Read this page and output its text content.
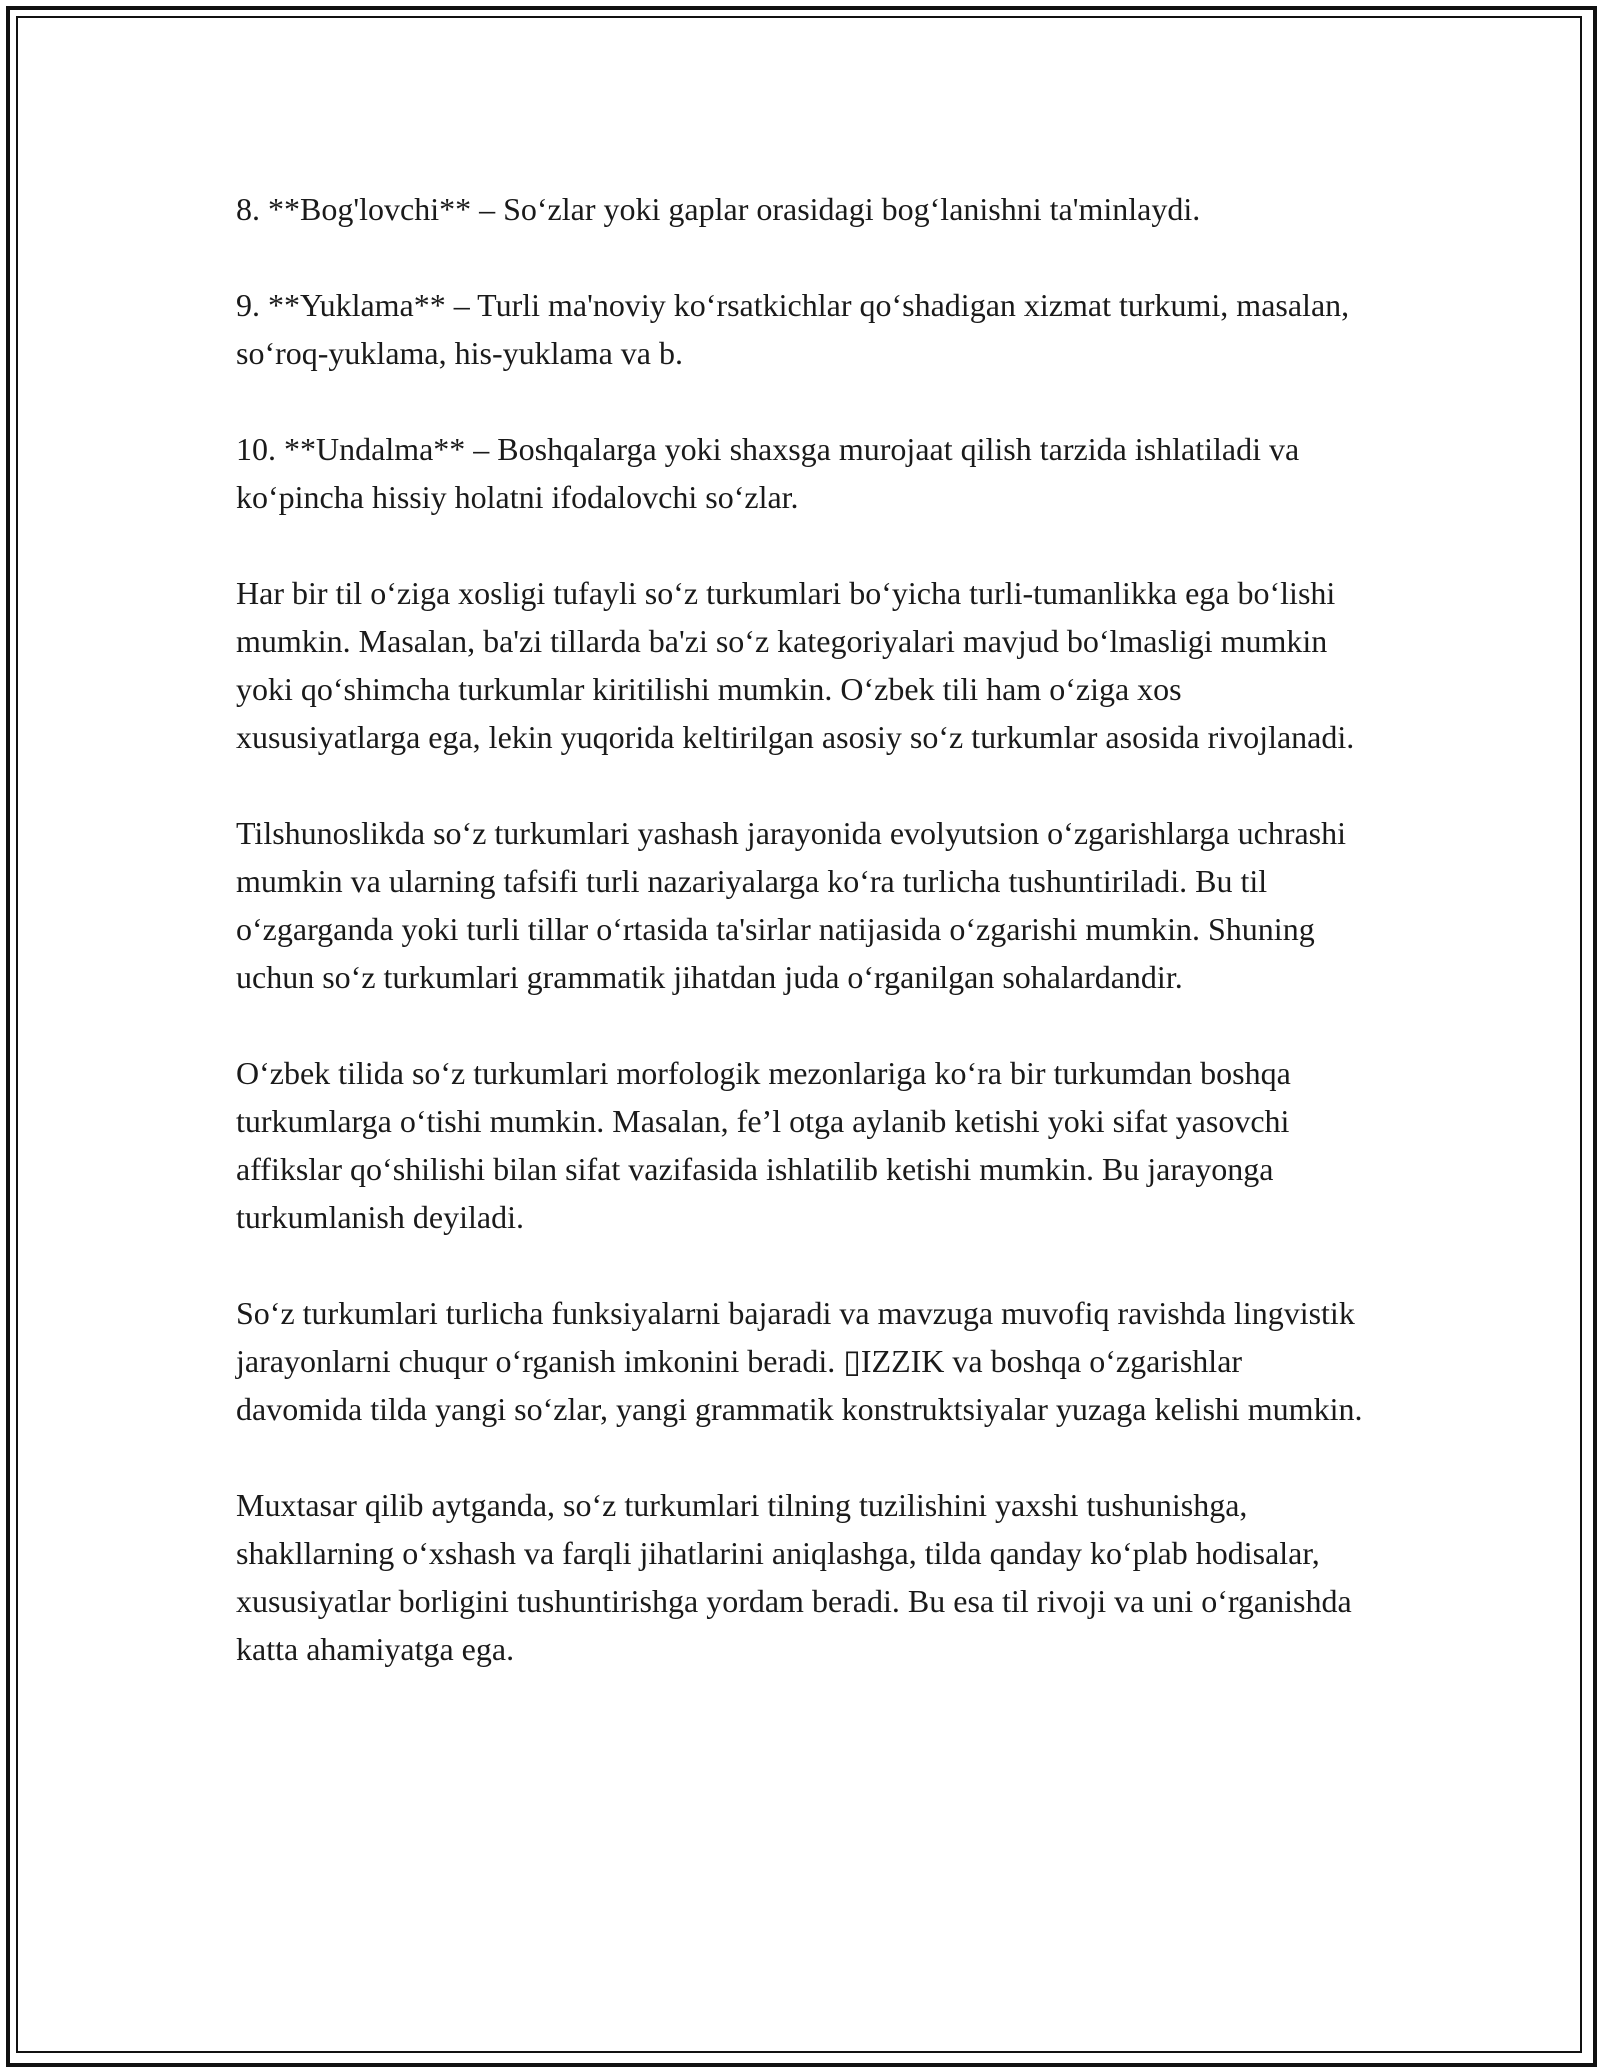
8. **Bog'lovchi** – So‘zlar yoki gaplar orasidagi bog‘lanishni ta'minlaydi.

9. **Yuklama** – Turli ma'noviy ko‘rsatkichlar qo‘shadigan xizmat turkumi, masalan, so‘roq-yuklama, his-yuklama va b.

10. **Undalma** – Boshqalarga yoki shaxsga murojaat qilish tarzida ishlatiladi va ko‘pincha hissiy holatni ifodalovchi so‘zlar.

Har bir til o‘ziga xosligi tufayli so‘z turkumlari bo‘yicha turli-tumanlikka ega bo‘lishi mumkin. Masalan, ba'zi tillarda ba'zi so‘z kategoriyalari mavjud bo‘lmasligi mumkin yoki qo‘shimcha turkumlar kiritilishi mumkin. O‘zbek tili ham o‘ziga xos xususiyatlarga ega, lekin yuqorida keltirilgan asosiy so‘z turkumlar asosida rivojlanadi.

Tilshunoslikda so‘z turkumlari yashash jarayonida evolyutsion o‘zgarishlarga uchrashi mumkin va ularning tafsifi turli nazariyalarga ko‘ra turlicha tushuntiriladi. Bu til o‘zgarganda yoki turli tillar o‘rtasida ta'sirlar natijasida o‘zgarishi mumkin. Shuning uchun so‘z turkumlari grammatik jihatdan juda o‘rganilgan sohalardandir.

O‘zbek tilida so‘z turkumlari morfologik mezonlariga ko‘ra bir turkumdan boshqa turkumlarga o‘tishi mumkin. Masalan, fe’l otga aylanib ketishi yoki sifat yasovchi affikslar qo‘shilishi bilan sifat vazifasida ishlatilib ketishi mumkin. Bu jarayonga turkumlanish deyiladi.

So‘z turkumlari turlicha funksiyalarni bajaradi va mavzuga muvofiq ravishda lingvistik jarayonlarni chuqur o‘rganish imkonini beradi. ▯IZZIK va boshqa o‘zgarishlar davomida tilda yangi so‘zlar, yangi grammatik konstruktsiyalar yuzaga kelishi mumkin.

Muxtasar qilib aytganda, so‘z turkumlari tilning tuzilishini yaxshi tushunishga, shakllarning o‘xshash va farqli jihatlarini aniqlashga, tilda qanday ko‘plab hodisalar, xususiyatlar borligini tushuntirishga yordam beradi. Bu esa til rivoji va uni o‘rganishda katta ahamiyatga ega.
